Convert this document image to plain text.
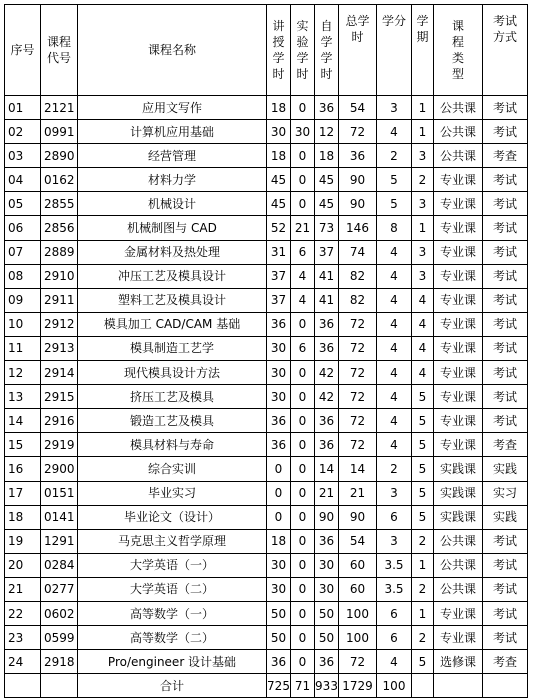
序号	课程代号	课程名称	讲授学时	实验学时	自学学时	总学时	学分	学期	课程类型	考试方式
01	2121	应用文写作	18	0	36	54	3	1	公共课	考试
02	0991	计算机应用基础	30	30	12	72	4	1	公共课	考试
03	2890	经营管理	18	0	18	36	2	3	公共课	考查
04	0162	材料力学	45	0	45	90	5	2	专业课	考试
05	2855	机械设计	45	0	45	90	5	3	专业课	考试
06	2856	机械制图与 CAD	52	21	73	146	8	1	专业课	考试
07	2889	金属材料及热处理	31	6	37	74	4	3	专业课	考试
08	2910	冲压工艺及模具设计	37	4	41	82	4	3	专业课	考试
09	2911	塑料工艺及模具设计	37	4	41	82	4	4	专业课	考试
10	2912	模具加工 CAD/CAM 基础	36	0	36	72	4	4	专业课	考试
11	2913	模具制造工艺学	30	6	36	72	4	4	专业课	考试
12	2914	现代模具设计方法	30	0	42	72	4	4	专业课	考试
13	2915	挤压工艺及模具	30	0	42	72	4	5	专业课	考试
14	2916	锻造工艺及模具	36	0	36	72	4	5	专业课	考试
15	2919	模具材料与寿命	36	0	36	72	4	5	专业课	考查
16	2900	综合实训	0	0	14	14	2	5	实践课	实践
17	0151	毕业实习	0	0	21	21	3	5	实践课	实习
18	0141	毕业论文（设计）	0	0	90	90	6	5	实践课	实践
19	1291	马克思主义哲学原理	18	0	36	54	3	2	公共课	考试
20	0284	大学英语（一）	30	0	30	60	3.5	1	公共课	考试
21	0277	大学英语（二）	30	0	30	60	3.5	2	公共课	考试
22	0602	高等数学（一）	50	0	50	100	6	1	专业课	考试
23	0599	高等数学（二）	50	0	50	100	6	2	专业课	考试
24	2918	Pro/engineer 设计基础	36	0	36	72	4	5	选修课	考查
		合计	725	71	933	1729	100			
